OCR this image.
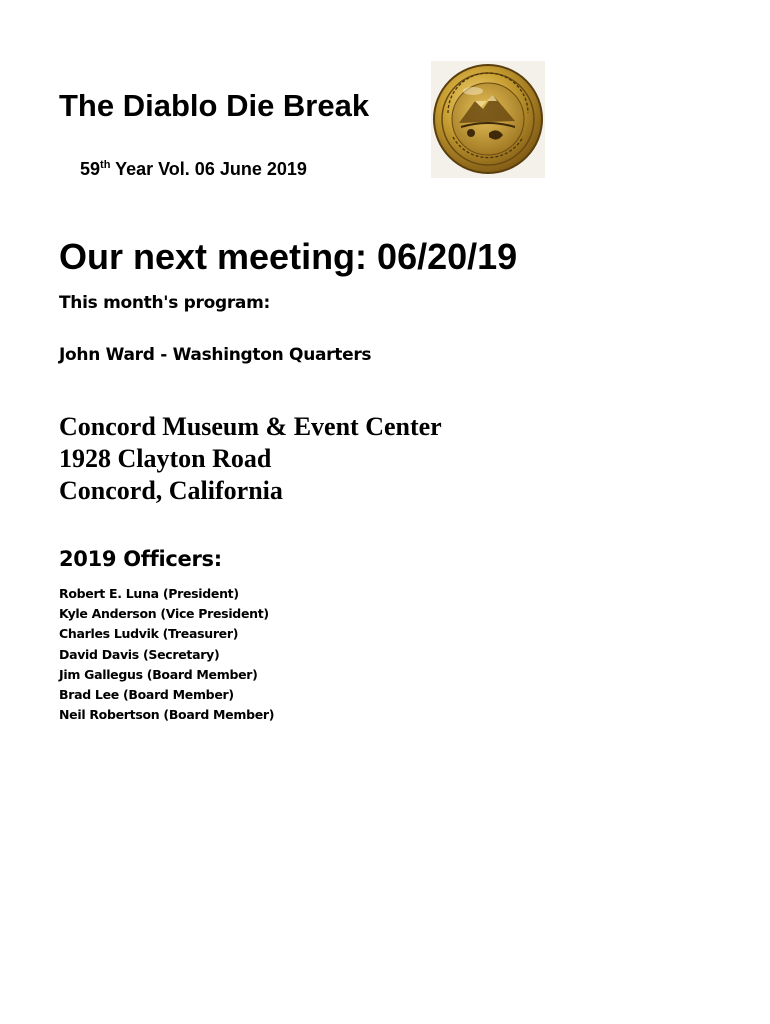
The Diablo Die Break
59th Year Vol. 06 June 2019
Our next meeting: 06/20/19
This month's program:
John Ward - Washington Quarters
Concord Museum & Event Center
1928 Clayton Road
Concord, California
2019 Officers:
Robert E. Luna (President)
Kyle Anderson (Vice President)
Charles Ludvik (Treasurer)
David Davis (Secretary)
Jim Gallegus (Board Member)
Brad Lee (Board Member)
Neil Robertson (Board Member)
